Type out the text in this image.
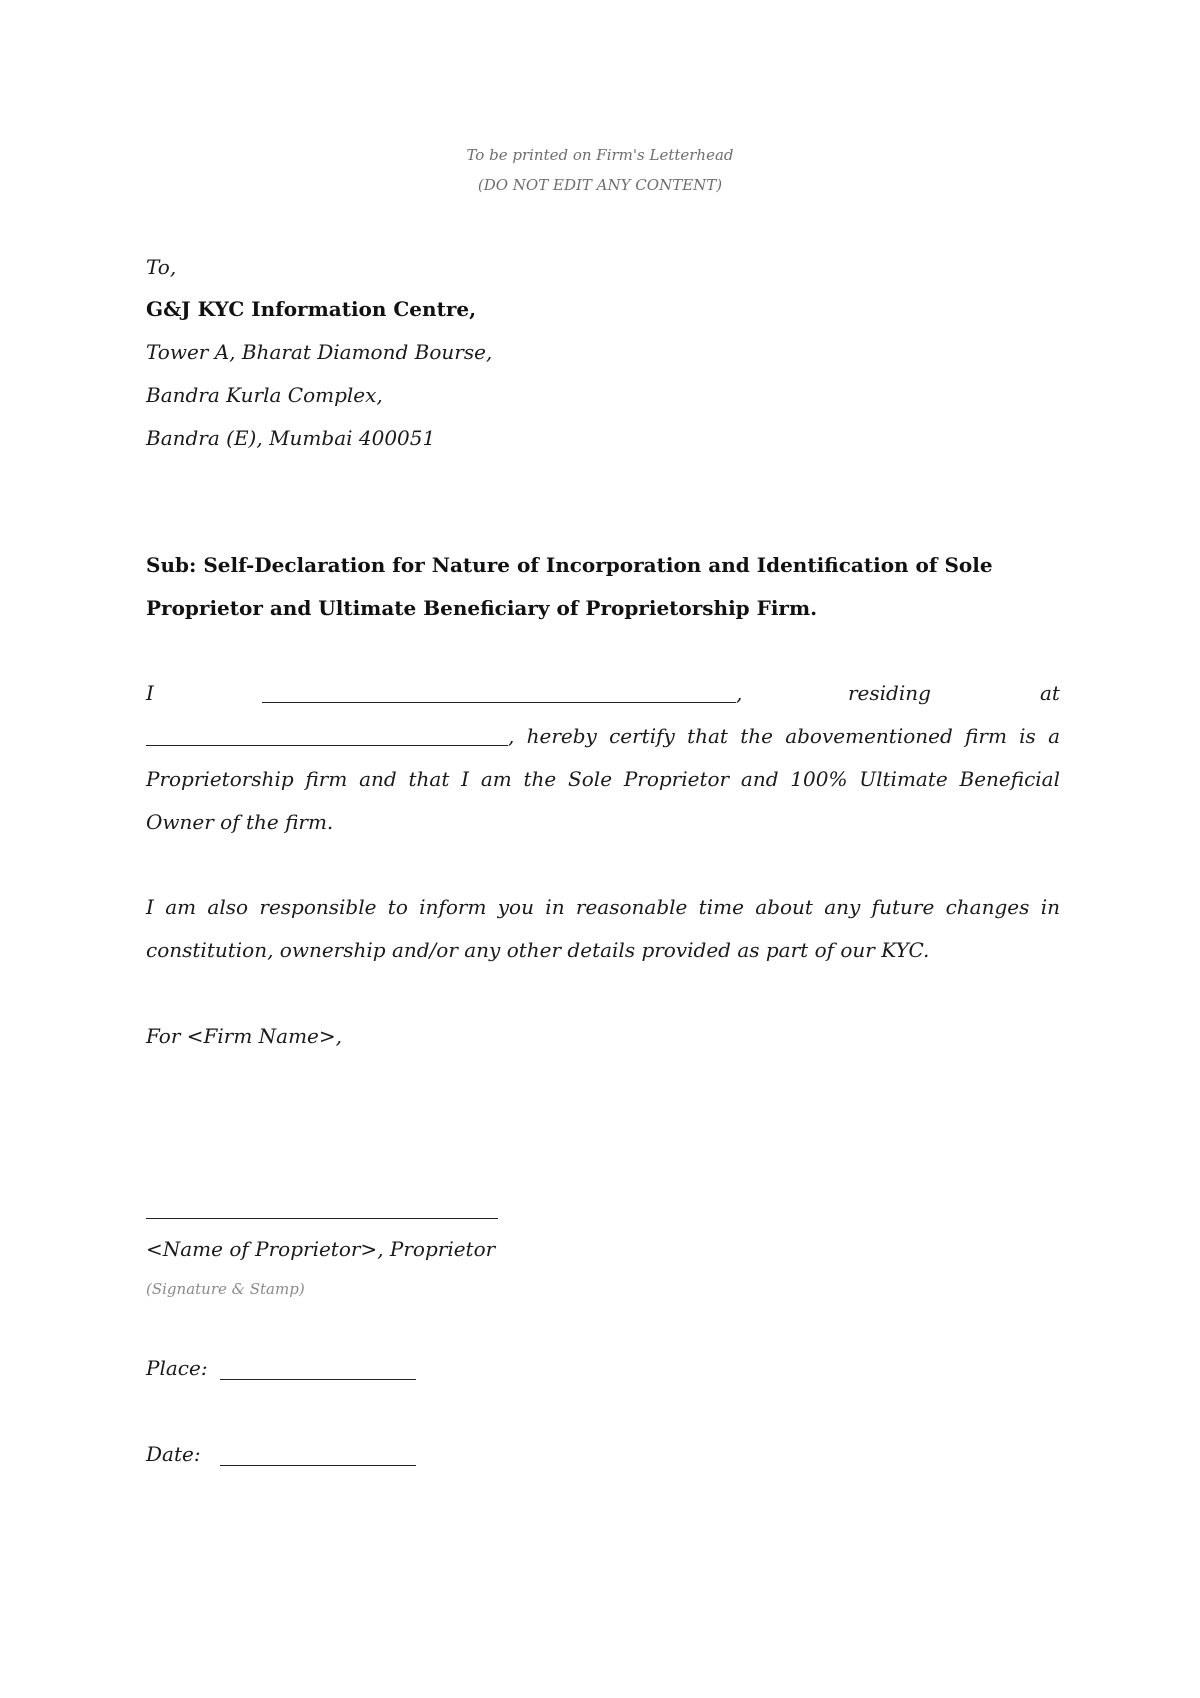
To be printed on Firm's Letterhead
(DO NOT EDIT ANY CONTENT)
To,
G&J KYC Information Centre,
Tower A, Bharat Diamond Bourse,
Bandra Kurla Complex,
Bandra (E), Mumbai 400051
Sub: Self-Declaration for Nature of Incorporation and Identification of Sole
Proprietor and Ultimate Beneficiary of Proprietorship Firm.
I	,	residing	at
, hereby certify that the abovementioned firm is a
Proprietorship firm and that I am the Sole Proprietor and 100% Ultimate Beneficial
Owner of the firm.
I am also responsible to inform you in reasonable time about any future changes in
constitution, ownership and/or any other details provided as part of our KYC.
For <Firm Name>,
<Name of Proprietor>, Proprietor
(Signature & Stamp)
Place:
Date:
